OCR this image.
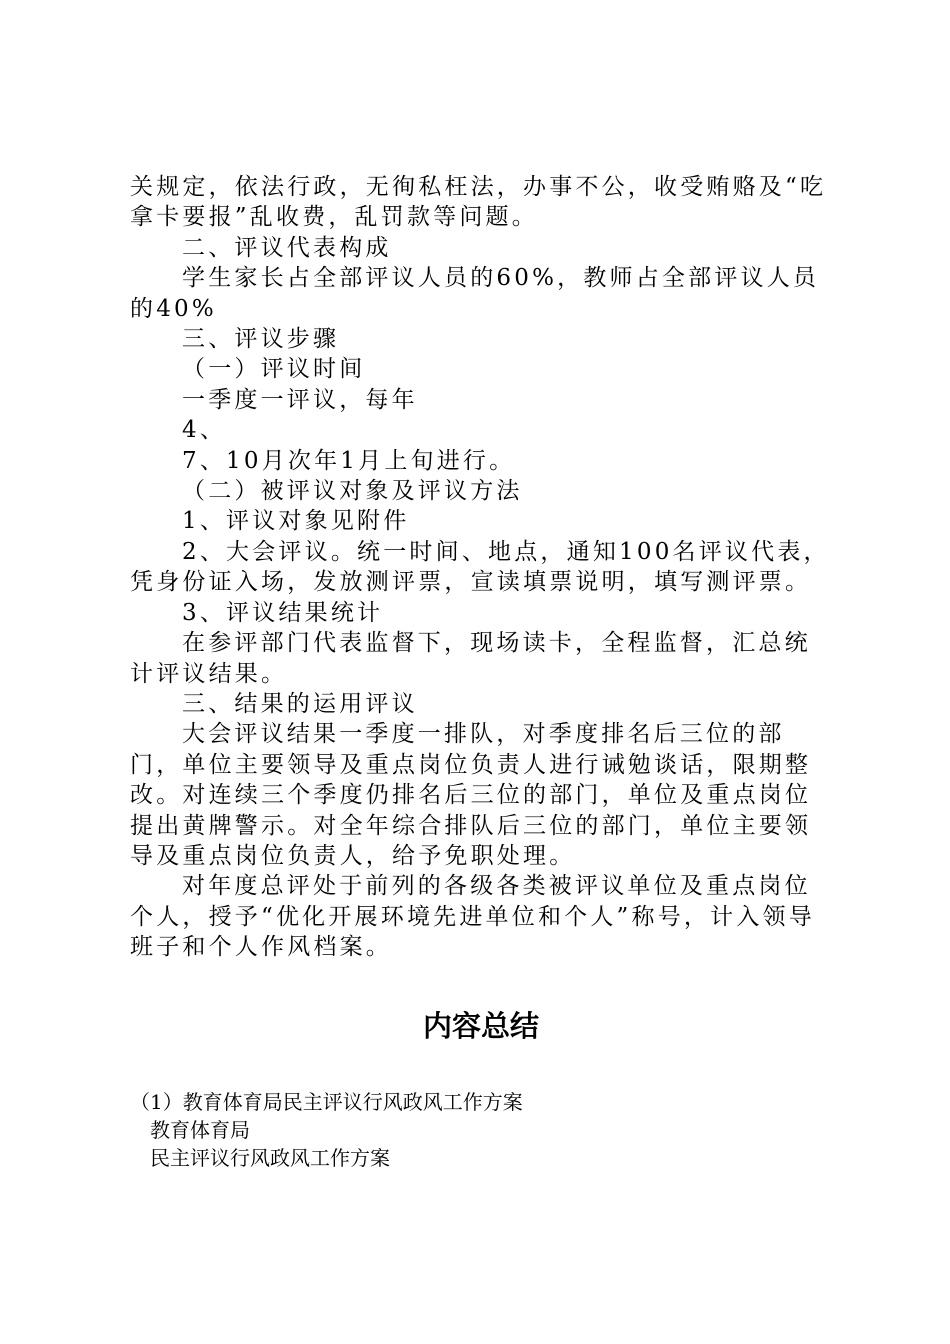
关规定，依法行政，无徇私枉法，办事不公，收受贿赂及“吃拿卡要报”乱收费，乱罚款等问题。

二、评议代表构成

学生家长占全部评议人员的60%，教师占全部评议人员的40%

三、评议步骤

（一）评议时间

一季度一评议，每年

4、

7、10月次年1月上旬进行。

（二）被评议对象及评议方法

1、评议对象见附件

2、大会评议。统一时间、地点，通知100名评议代表，凭身份证入场，发放测评票，宣读填票说明，填写测评票。

3、评议结果统计

在参评部门代表监督下，现场读卡，全程监督，汇总统计评议结果。

三、结果的运用评议

大会评议结果一季度一排队，对季度排名后三位的部门，单位主要领导及重点岗位负责人进行诫勉谈话，限期整改。对连续三个季度仍排名后三位的部门，单位及重点岗位提出黄牌警示。对全年综合排队后三位的部门，单位主要领导及重点岗位负责人，给予免职处理。

对年度总评处于前列的各级各类被评议单位及重点岗位个人，授予“优化开展环境先进单位和个人”称号，计入领导班子和个人作风档案。

内容总结

（1）教育体育局民主评议行风政风工作方案

教育体育局

民主评议行风政风工作方案
